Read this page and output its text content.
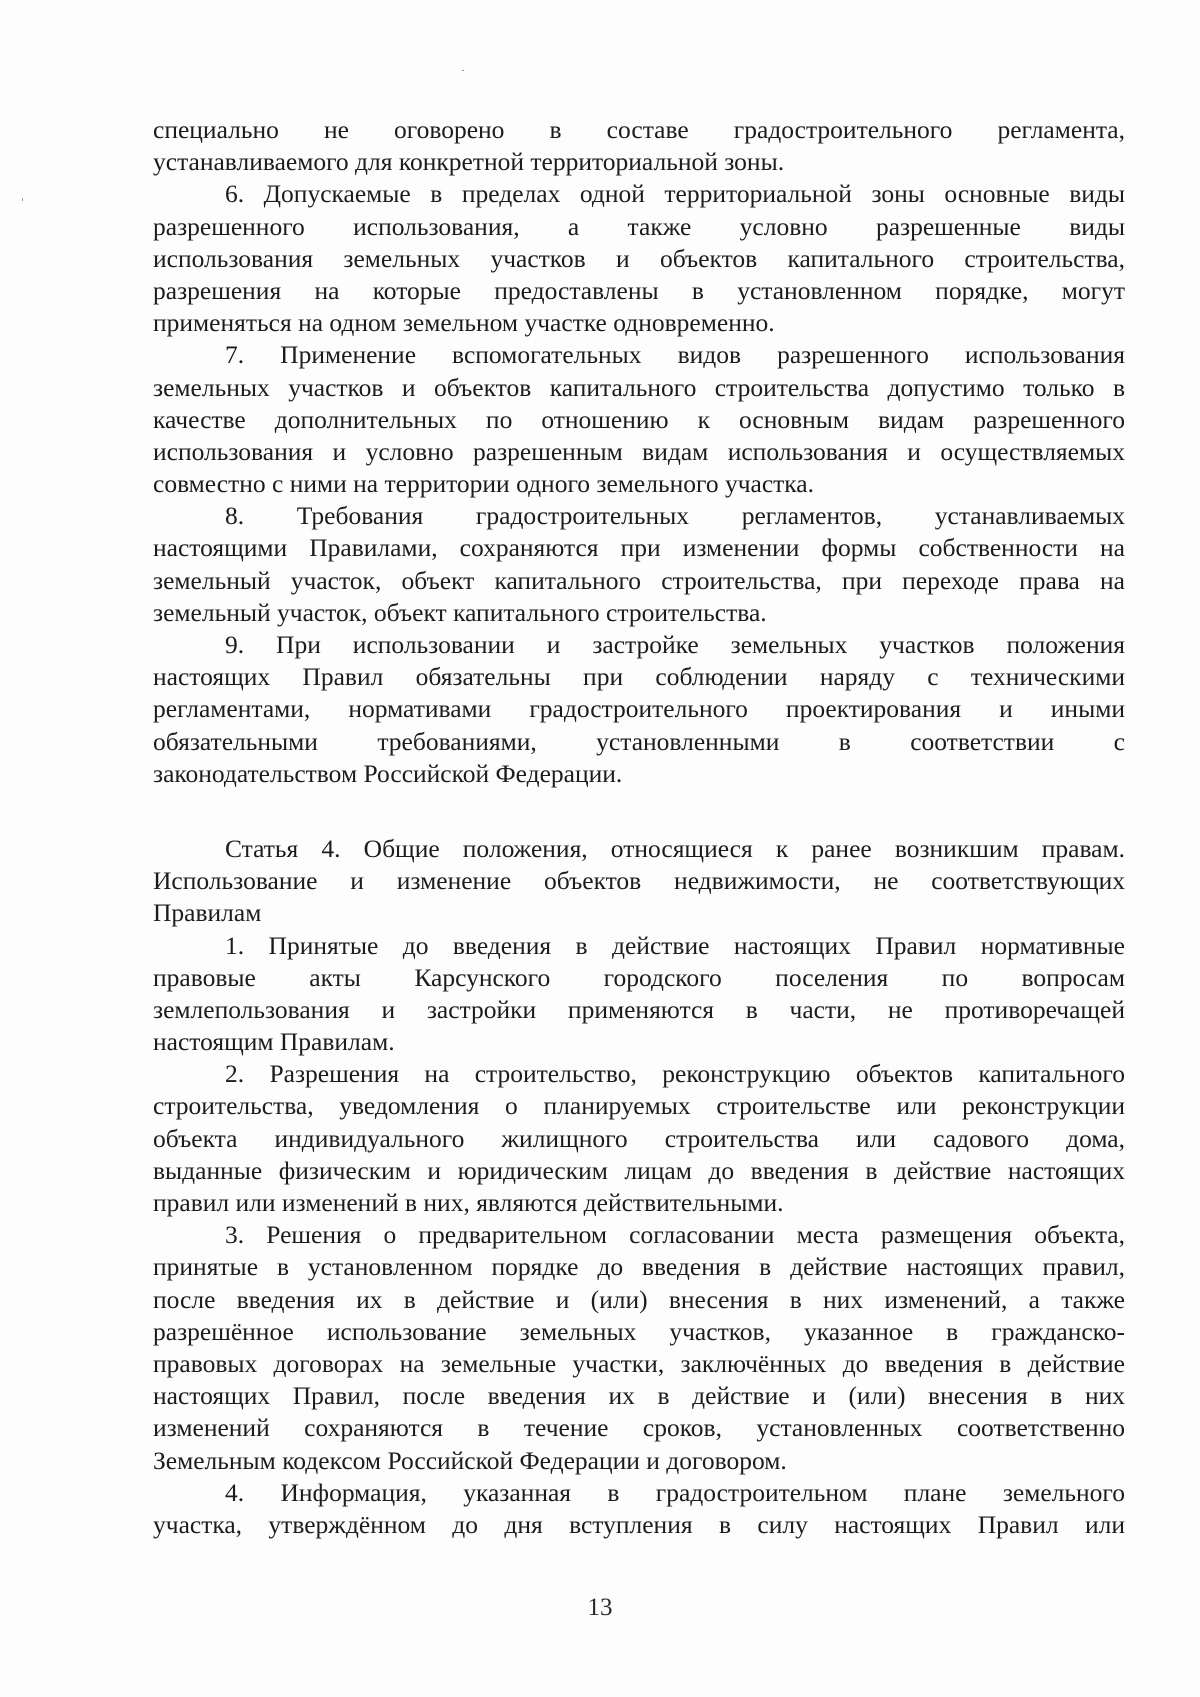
специально не оговорено в составе градостроительного регламента,
устанавливаемого для конкретной территориальной зоны.
6. Допускаемые в пределах одной территориальной зоны основные виды
разрешенного использования, а также условно разрешенные виды
использования земельных участков и объектов капитального строительства,
разрешения на которые предоставлены в установленном порядке, могут
применяться на одном земельном участке одновременно.
7. Применение вспомогательных видов разрешенного использования
земельных участков и объектов капитального строительства допустимо только в
качестве дополнительных по отношению к основным видам разрешенного
использования и условно разрешенным видам использования и осуществляемых
совместно с ними на территории одного земельного участка.
8. Требования градостроительных регламентов, устанавливаемых
настоящими Правилами, сохраняются при изменении формы собственности на
земельный участок, объект капитального строительства, при переходе права на
земельный участок, объект капитального строительства.
9. При использовании и застройке земельных участков положения
настоящих Правил обязательны при соблюдении наряду с техническими
регламентами, нормативами градостроительного проектирования и иными
обязательными требованиями, установленными в соответствии с
законодательством Российской Федерации.
Статья 4. Общие положения, относящиеся к ранее возникшим правам.
Использование и изменение объектов недвижимости, не соответствующих
Правилам
1. Принятые до введения в действие настоящих Правил нормативные
правовые акты Карсунского городского поселения по вопросам
землепользования и застройки применяются в части, не противоречащей
настоящим Правилам.
2. Разрешения на строительство, реконструкцию объектов капитального
строительства, уведомления о планируемых строительстве или реконструкции
объекта индивидуального жилищного строительства или садового дома,
выданные физическим и юридическим лицам до введения в действие настоящих
правил или изменений в них, являются действительными.
3. Решения о предварительном согласовании места размещения объекта,
принятые в установленном порядке до введения в действие настоящих правил,
после введения их в действие и (или) внесения в них изменений, а также
разрешённое использование земельных участков, указанное в гражданско-
правовых договорах на земельные участки, заключённых до введения в действие
настоящих Правил, после введения их в действие и (или) внесения в них
изменений сохраняются в течение сроков, установленных соответственно
Земельным кодексом Российской Федерации и договором.
4. Информация, указанная в градостроительном плане земельного
участка, утверждённом до дня вступления в силу настоящих Правил или
13
